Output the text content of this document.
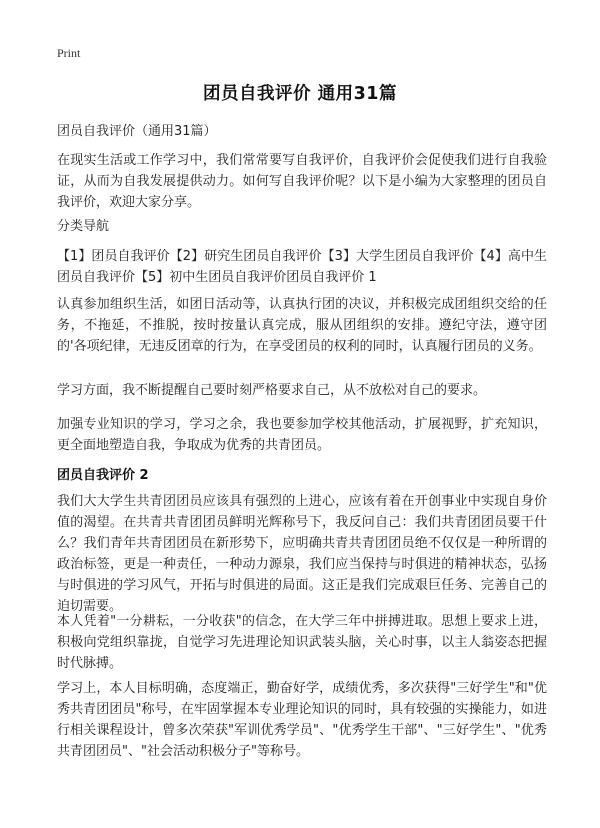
Print
团员自我评价 通用31篇
团员自我评价（通用31篇）
在现实生活或工作学习中，我们常常要写自我评价，自我评价会促使我们进行自我验证，从而为自我发展提供动力。如何写自我评价呢？以下是小编为大家整理的团员自我评价，欢迎大家分享。
分类导航
【1】团员自我评价【2】研究生团员自我评价【3】大学生团员自我评价【4】高中生团员自我评价【5】初中生团员自我评价团员自我评价 1
认真参加组织生活，如团日活动等，认真执行团的决议，并积极完成团组织交给的任务，不拖延，不推脱，按时按量认真完成，服从团组织的安排。遵纪守法，遵守团的'各项纪律，无违反团章的行为，在享受团员的权利的同时，认真履行团员的义务。
学习方面，我不断提醒自己要时刻严格要求自己，从不放松对自己的要求。
加强专业知识的学习，学习之余，我也要参加学校其他活动，扩展视野，扩充知识，更全面地塑造自我，争取成为优秀的共青团员。
团员自我评价 2
我们大大学生共青团团员应该具有强烈的上进心，应该有着在开创事业中实现自身价值的渴望。在共青共青团团员鲜明光辉称号下，我反问自己：我们共青团团员要干什么？我们青年共青团团员在新形势下，应明确共青共青团团员绝不仅仅是一种所谓的政治标签，更是一种责任，一种动力源泉，我们应当保持与时俱进的精神状态，弘扬与时俱进的学习风气，开拓与时俱进的局面。这正是我们完成艰巨任务、完善自己的迫切需要。
本人凭着"一分耕耘，一分收获"的信念，在大学三年中拼搏进取。思想上要求上进，积极向党组织靠拢，自觉学习先进理论知识武装头脑，关心时事，以主人翁姿态把握时代脉搏。
学习上，本人目标明确，态度端正，勤奋好学，成绩优秀，多次获得"三好学生"和"优秀共青团团员"称号，在牢固掌握本专业理论知识的同时，具有较强的实操能力，如进行相关课程设计，曾多次荣获"军训优秀学员"、"优秀学生干部"、"三好学生"、"优秀共青团团员"、"社会活动积极分子"等称号。
